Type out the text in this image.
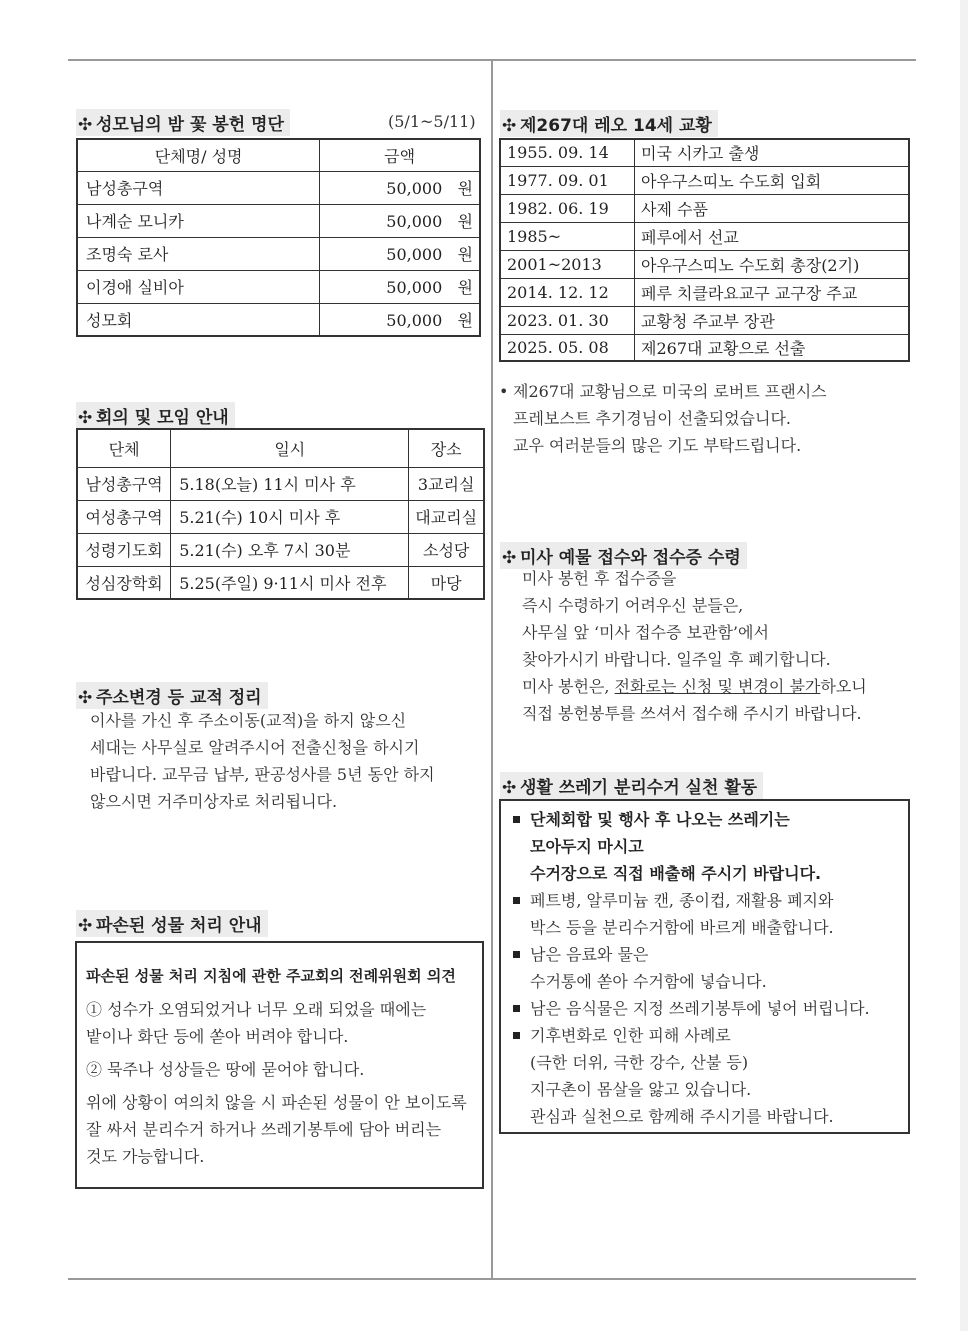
✣ 성모님의 밤 꽃 봉헌 명단	(5/1~5/11)
단체명/ 성명	금액
남성총구역	50,000 원
나계순 모니카	50,000 원
조명숙 로사	50,000 원
이경애 실비아	50,000 원
성모회	50,000 원
✣ 회의 및 모임 안내
단체	일시	장소
남성총구역	5.18(오늘) 11시 미사 후	3교리실
여성총구역	5.21(수) 10시 미사 후	대교리실
성령기도회	5.21(수) 오후 7시 30분	소성당
성심장학회	5.25(주일) 9·11시 미사 전후	마당
✣ 주소변경 등 교적 정리
이사를 가신 후 주소이동(교적)을 하지 않으신
세대는 사무실로 알려주시어 전출신청을 하시기
바랍니다. 교무금 납부, 판공성사를 5년 동안 하지
않으시면 거주미상자로 처리됩니다.
✣ 파손된 성물 처리 안내
파손된 성물 처리 지침에 관한 주교회의 전례위원회 의견
① 성수가 오염되었거나 너무 오래 되었을 때에는
밭이나 화단 등에 쏟아 버려야 합니다.
② 묵주나 성상들은 땅에 묻어야 합니다.
위에 상황이 여의치 않을 시 파손된 성물이 안 보이도록
잘 싸서 분리수거 하거나 쓰레기봉투에 담아 버리는
것도 가능합니다.
✣ 제267대 레오 14세 교황
1955. 09. 14	미국 시카고 출생
1977. 09. 01	아우구스띠노 수도회 입회
1982. 06. 19	사제 수품
1985~	페루에서 선교
2001~2013	아우구스띠노 수도회 총장(2기)
2014. 12. 12	페루 치클라요교구 교구장 주교
2023. 01. 30	교황청 주교부 장관
2025. 05. 08	제267대 교황으로 선출
• 제267대 교황님으로 미국의 로버트 프랜시스
프레보스트 추기경님이 선출되었습니다.
교우 여러분들의 많은 기도 부탁드립니다.
✣ 미사 예물 접수와 접수증 수령
미사 봉헌 후 접수증을
즉시 수령하기 어려우신 분들은,
사무실 앞 ‘미사 접수증 보관함’에서
찾아가시기 바랍니다. 일주일 후 폐기합니다.
미사 봉헌은, 전화로는 신청 및 변경이 불가하오니
직접 봉헌봉투를 쓰셔서 접수해 주시기 바랍니다.
✣ 생활 쓰레기 분리수거 실천 활동
단체회합 및 행사 후 나오는 쓰레기는
모아두지 마시고
수거장으로 직접 배출해 주시기 바랍니다.
페트병, 알루미늄 캔, 종이컵, 재활용 폐지와
박스 등을 분리수거함에 바르게 배출합니다.
남은 음료와 물은
수거통에 쏟아 수거함에 넣습니다.
남은 음식물은 지정 쓰레기봉투에 넣어 버립니다.
기후변화로 인한 피해 사례로
(극한 더위, 극한 강수, 산불 등)
지구촌이 몸살을 앓고 있습니다.
관심과 실천으로 함께해 주시기를 바랍니다.
